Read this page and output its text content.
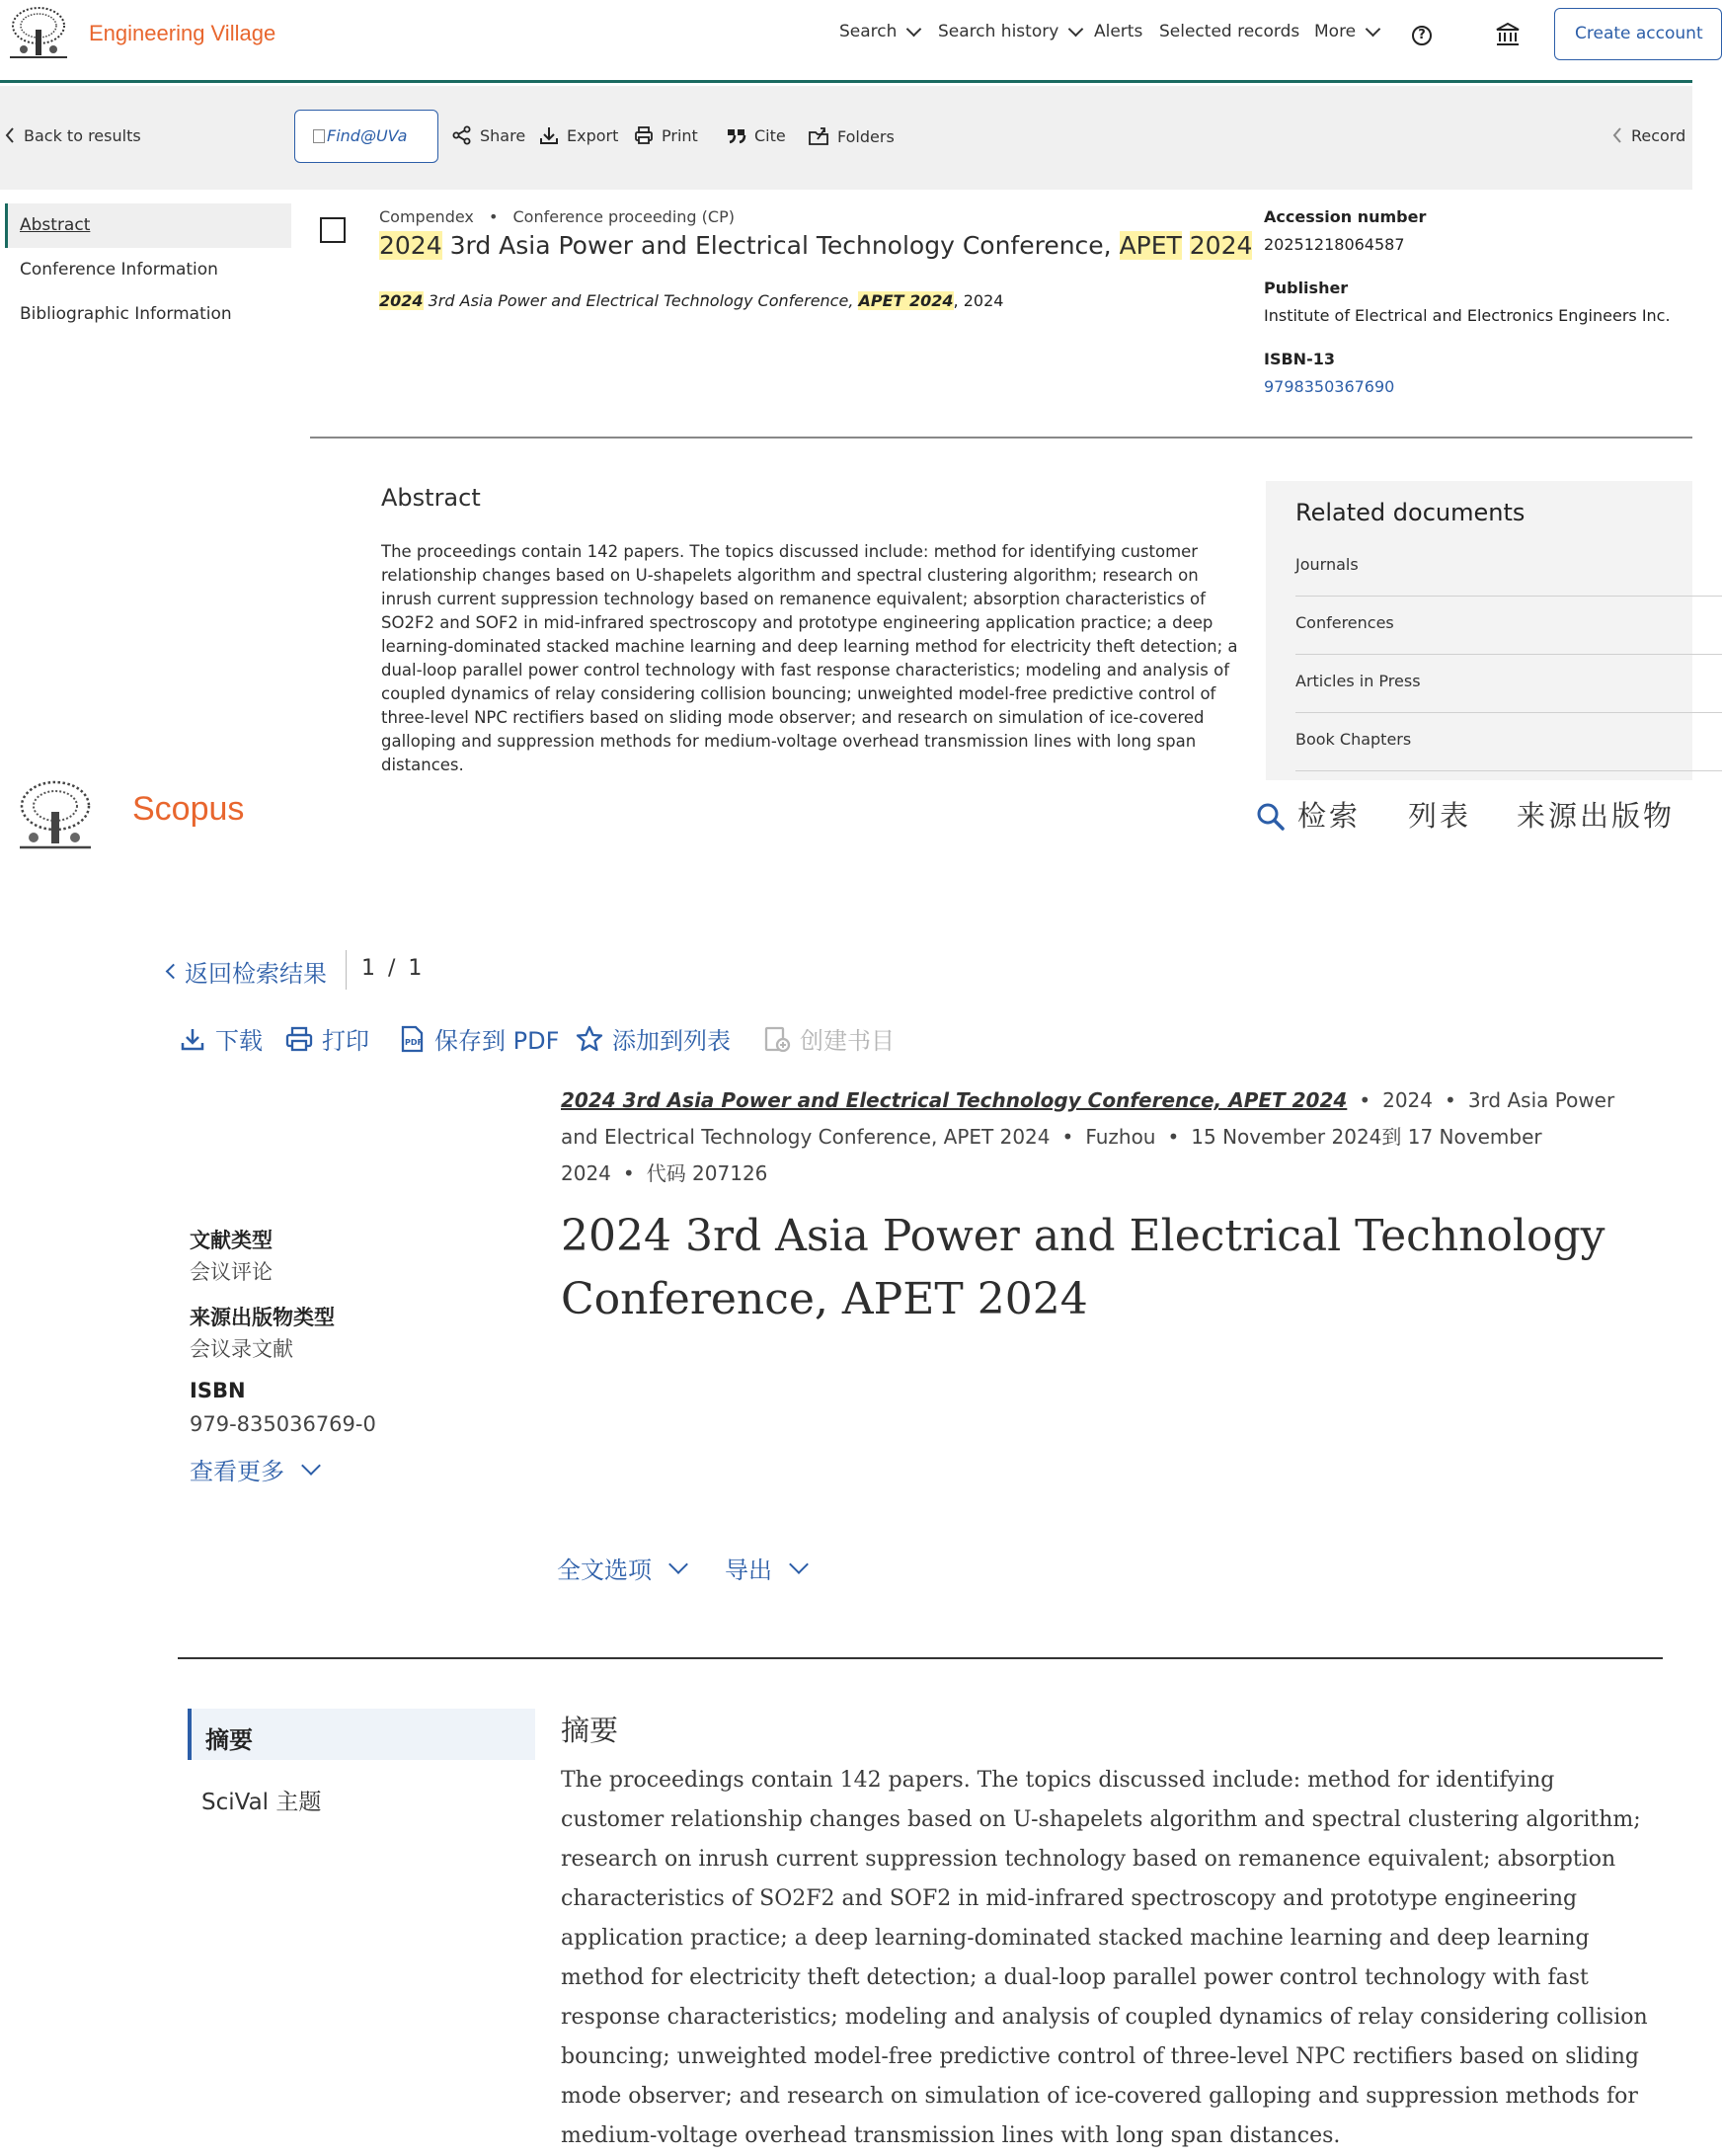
Engineering Village	Search Search history Alerts Selected records More	?	Create account
Back to results	Find@UVa	Share	Export	Print	Cite	Folders	Record
Abstract
Conference Information
Bibliographic Information
Compendex • Conference proceeding (CP)
2024 3rd Asia Power and Electrical Technology Conference, APET 2024
2024 3rd Asia Power and Electrical Technology Conference, APET 2024, 2024
Accession number
20251218064587
Publisher
Institute of Electrical and Electronics Engineers Inc.
ISBN-13
9798350367690
Abstract
The proceedings contain 142 papers. The topics discussed include: method for identifying customer relationship changes based on U-shapelets algorithm and spectral clustering algorithm; research on inrush current suppression technology based on remanence equivalent; absorption characteristics of SO2F2 and SOF2 in mid-infrared spectroscopy and prototype engineering application practice; a deep learning-dominated stacked machine learning and deep learning method for electricity theft detection; a dual-loop parallel power control technology with fast response characteristics; modeling and analysis of coupled dynamics of relay considering collision bouncing; unweighted model-free predictive control of three-level NPC rectifiers based on sliding mode observer; and research on simulation of ice-covered galloping and suppression methods for medium-voltage overhead transmission lines with long span distances.
Related documents
Journals
Conferences
Articles in Press
Book Chapters
Scopus	检索 列表 来源出版物
返回检索结果 1 / 1
下载	打印	PDF 保存到 PDF 添加到列表	创建书目
2024 3rd Asia Power and Electrical Technology Conference, APET 2024 • 2024 • 3rd Asia Power and Electrical Technology Conference, APET 2024 • Fuzhou • 15 November 2024到 17 November 2024 • 代码 207126
2024 3rd Asia Power and Electrical Technology Conference, APET 2024
文献类型
会议评论
来源出版物类型
会议录文献
ISBN
979-835036769-0
查看更多
全文选项	导出
摘要
SciVal 主题
摘要
The proceedings contain 142 papers. The topics discussed include: method for identifying customer relationship changes based on U-shapelets algorithm and spectral clustering algorithm; research on inrush current suppression technology based on remanence equivalent; absorption characteristics of SO2F2 and SOF2 in mid-infrared spectroscopy and prototype engineering application practice; a deep learning-dominated stacked machine learning and deep learning method for electricity theft detection; a dual-loop parallel power control technology with fast response characteristics; modeling and analysis of coupled dynamics of relay considering collision bouncing; unweighted model-free predictive control of three-level NPC rectifiers based on sliding mode observer; and research on simulation of ice-covered galloping and suppression methods for medium-voltage overhead transmission lines with long span distances.
